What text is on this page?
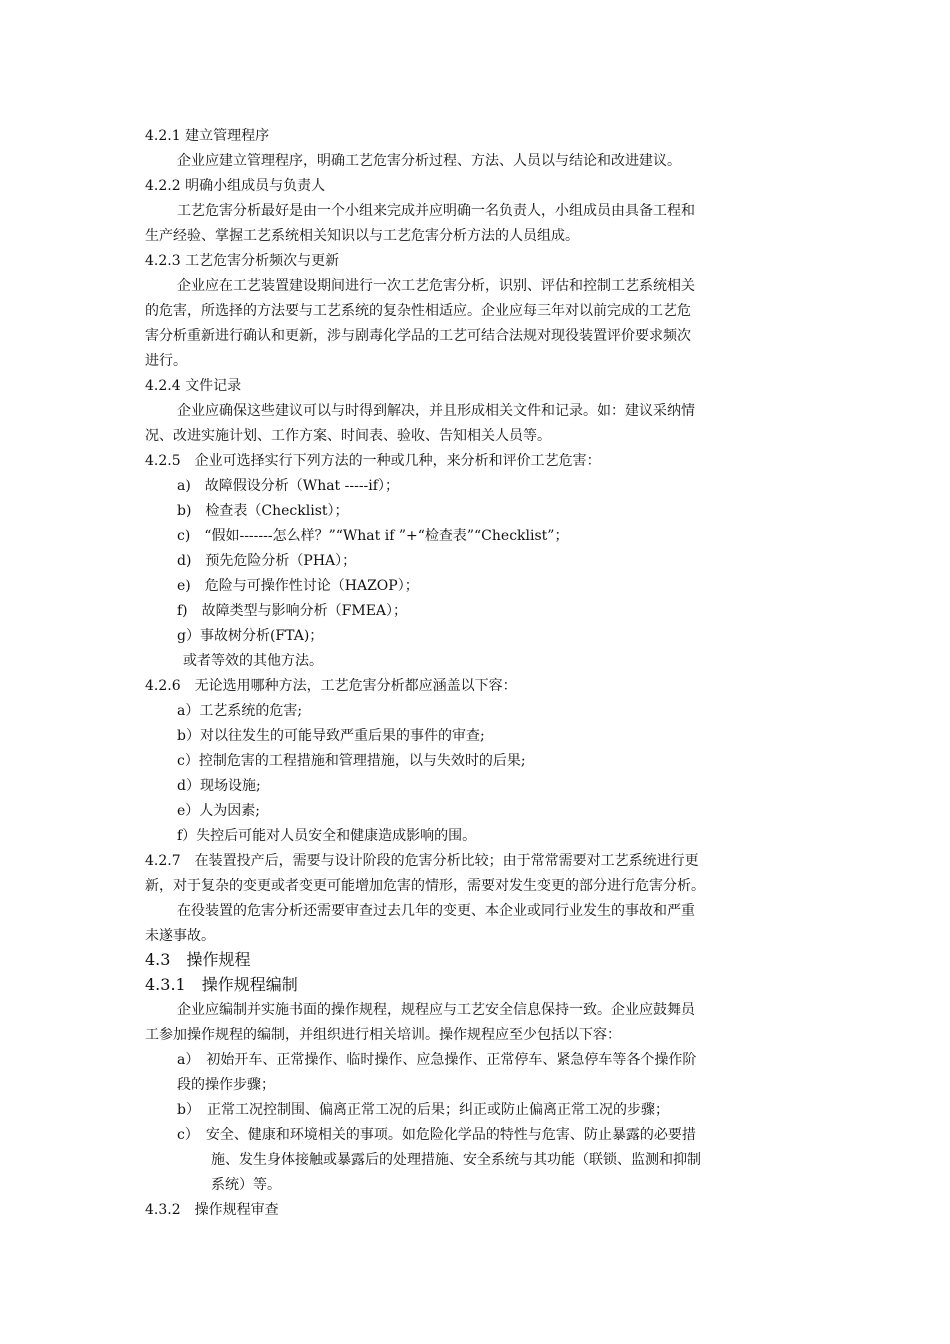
4.2.1 建立管理程序
企业应建立管理程序，明确工艺危害分析过程、方法、人员以与结论和改进建议。
4.2.2 明确小组成员与负责人
工艺危害分析最好是由一个小组来完成并应明确一名负责人，小组成员由具备工程和
生产经验、掌握工艺系统相关知识以与工艺危害分析方法的人员组成。
4.2.3 工艺危害分析频次与更新
企业应在工艺装置建设期间进行一次工艺危害分析，识别、评估和控制工艺系统相关
的危害，所选择的方法要与工艺系统的复杂性相适应。企业应每三年对以前完成的工艺危
害分析重新进行确认和更新，涉与剧毒化学品的工艺可结合法规对现役装置评价要求频次
进行。
4.2.4 文件记录
企业应确保这些建议可以与时得到解决，并且形成相关文件和记录。如：建议采纳情
况、改进实施计划、工作方案、时间表、验收、告知相关人员等。
4.2.5　企业可选择实行下列方法的一种或几种，来分析和评价工艺危害：
a)　故障假设分析（What -----if）；
b)　检查表（Checklist）；
c)　“假如-------怎么样？”“What if ”+“检查表”“Checklist”；
d)　预先危险分析（PHA）；
e)　危险与可操作性讨论（HAZOP）；
f)　故障类型与影响分析（FMEA）；
g）事故树分析(FTA)；
或者等效的其他方法。
4.2.6　无论选用哪种方法，工艺危害分析都应涵盖以下容：
a）工艺系统的危害;
b）对以往发生的可能导致严重后果的事件的审查;
c）控制危害的工程措施和管理措施，以与失效时的后果;
d）现场设施;
e）人为因素;
f）失控后可能对人员安全和健康造成影响的围。
4.2.7　在装置投产后，需要与设计阶段的危害分析比较；由于常常需要对工艺系统进行更
新，对于复杂的变更或者变更可能增加危害的情形，需要对发生变更的部分进行危害分析。
在役装置的危害分析还需要审查过去几年的变更、本企业或同行业发生的事故和严重
未遂事故。
4.3　操作规程
4.3.1　操作规程编制
企业应编制并实施书面的操作规程，规程应与工艺安全信息保持一致。企业应鼓舞员
工参加操作规程的编制，并组织进行相关培训。操作规程应至少包括以下容：
a）　初始开车、正常操作、临时操作、应急操作、正常停车、紧急停车等各个操作阶
段的操作步骤；
b）　正常工况控制围、偏离正常工况的后果；纠正或防止偏离正常工况的步骤；
c）　安全、健康和环境相关的事项。如危险化学品的特性与危害、防止暴露的必要措
施、发生身体接触或暴露后的处理措施、安全系统与其功能（联锁、监测和抑制
系统）等。
4.3.2　操作规程审查
